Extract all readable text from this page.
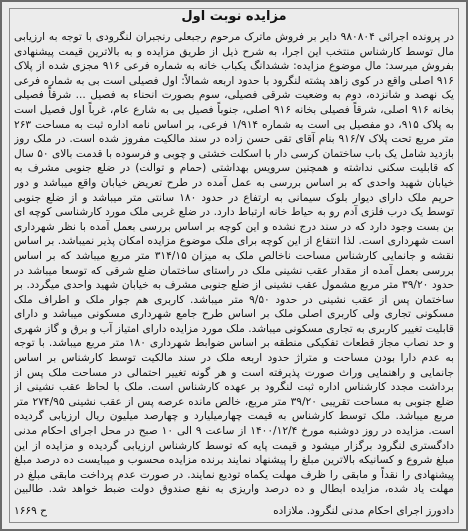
مزایده نوبت اول
در پرونده اجرائی ۹۸۰۸۰۴ دایر بر فروش ماترک مرحوم رجبعلی رنجبران لنگرودی با توجه به ارزیابی مال توسط کارشناس منتخب این اجرا، به شرح ذیل از طریق مزایده و به بالاترین قیمت پیشنهادی بفروش میرسد: مال موضوع مزایده: ششدانگ یکباب خانه به شماره فرعی ۹۱۶ مجزی شده از پلاک ۹۱۶ اصلی واقع در کوی زاهد پشته لنگرود با حدود اربعه شمالاً: اول فصیلی است بی به شماره فرعی یک نهصد و شانزده، دوم به وضعیت شرقی فصیلی، سوم بصورت انحناء به فصیل ... شرقاً فصیلی بخانه ۹۱۶ اصلی، شرقاً فصیلی بخانه ۹۱۶ اصلی، جنوباً فصیل بی به شارع عام، غرباً اول فصیل است به پلاک ۹۱۵، دو مفصیل بی است به شماره ۱/۹۱۴ فرعی، بر اساس نامه اداره ثبت به مساحت ۲۶۳ متر مربع تحت پلاک ۹۱۶/۷ بنام آقای تقی حسن زاده در سند مالکیت مفروز شده است. در ملک روز بازدید شامل یک باب ساختمان کرسی دار با اسکلت خشتی و چوبی و فرسوده با قدمت بالای ۵۰ سال که قابلیت سکنی نداشته و همچنین سرویس بهداشتی (حمام و توالت) در ضلع جنوبی مشرف به خیابان شهید واحدی که بر اساس بررسی به عمل آمده در طرح تعریض خیابان واقع میباشد و دور حریم ملک دارای دیوار بلوک سیمانی به ارتفاع در حدود ۱۸۰ سانتی متر میباشد و از ضلع جنوبی توسط یک درب فلزی آدم رو به حیاط خانه ارتباط دارد. در ضلع غربی ملک مورد کارشناسی کوچه ای بن بست وجود دارد که در سند درج نشده و این کوچه بر اساس بررسی بعمل آمده با نظر شهرداری است شهرداری است. لذا انتفاع از این کوچه برای ملک موضوع مزایده امکان پذیر نمیباشد. بر اساس نقشه و جانمایی کارشناس مساحت ناخالص ملک به میزان ۳۱۴/۱۵ متر مربع میباشد که بر اساس بررسی بعمل آمده از مقدار عقب نشینی ملک در راستای ساختمان ضلع شرقی که توسعا میباشد در حدود ۳۹/۲۰ متر مربع مشمول عقب نشینی از ضلع جنوبی مشرف به خیابان شهید واحدی میگردد. بر ساختمان پس از عقب نشینی در حدود ۹/۵۰ متر میباشد. کاربری هم جوار ملک و اطراف ملک مسکونی تجاری ولی کاربری اصلی ملک بر اساس طرح جامع شهرداری مسکونی میباشد و دارای قابلیت تغییر کاربری به تجاری مسکونی میباشد. ملک مورد مزایده دارای امتیاز آب و برق و گاز شهری و حد نصاب مجاز قطعات تفکیکی منطقه بر اساس ضوابط شهرداری ۱۸۰ متر مربع میباشد. با توجه به عدم دارا بودن مساحت و متراژ حدود اربعه ملک در سند مالکیت توسط کارشناس بر اساس جانمایی و راهنمایی وراث صورت پذیرفته است و هر گونه تغییر احتمالی در مساحت ملک پس از برداشت مجدد کارشناس اداره ثبت لنگرود بر عهده کارشناس است. ملک با لحاظ عقب نشینی از ضلع جنوبی به مساحت تقریبی ۳۹/۲۰ متر مربع، خالص مانده عرصه پس از عقب نشینی ۲۷۴/۹۵ متر مربع میباشد. ملک توسط کارشناس به قیمت چهارمیلیارد و چهارصد میلیون ریال ارزیابی گردیده است. مزایده در روز دوشنبه مورخ ۱۴۰۰/۱۲/۴ از ساعت ۹ الی ۱۰ صبح در محل اجرای احکام مدنی دادگستری لنگرود برگزار میشود و قیمت پایه که توسط کارشناس ارزیابی گردیده و مزایده از این مبلغ شروع و کسانیکه بالاترین مبلغ را پیشنهاد نمایند برنده مزایده محسوب و میبایست ده درصد مبلغ پیشنهادی را نقداً و مابقی را ظرف مهلت یکماه تودیع نمایند. در صورت عدم پرداخت مابقی مبلغ در مهلت یاد شده، مزایده ابطال و ده درصد واریزی به نفع صندوق دولت ضبط خواهد شد. طالبین
دادورز اجرای احکام مدنی لنگرود. ملازاده
ح ۱۶۶۹
